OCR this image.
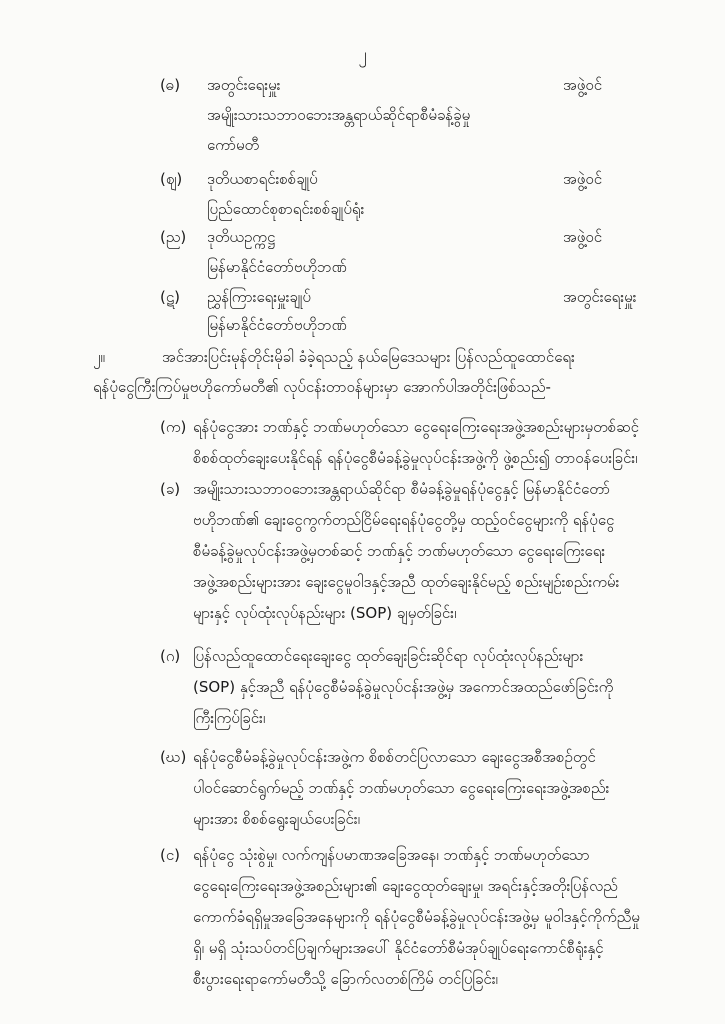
၂
(ဓ) အတွင်းရေးမှူး
အမျိုးသားသဘာဝဘေးအန္တရာယ်ဆိုင်ရာစီမံခန့်ခွဲမှု
ကော်မတီ
အဖွဲ့ဝင်
(ဈ) ဒုတိယစာရင်းစစ်ချုပ်
ပြည်ထောင်စုစာရင်းစစ်ချုပ်ရုံး
အဖွဲ့ဝင်
(ည) ဒုတိယဥက္ကဋ္ဌ
မြန်မာနိုင်ငံတော်ဗဟိုဘဏ်
အဖွဲ့ဝင်
(ဋ) ညွှန်ကြားရေးမှူးချုပ်
မြန်မာနိုင်ငံတော်ဗဟိုဘဏ်
အတွင်းရေးမှူး
၂။	အင်အားပြင်းမုန်တိုင်းမိုခါ ခံခဲ့ရသည့် နယ်မြေဒေသများ ပြန်လည်ထူထောင်ရေး
ရန်ပုံငွေကြီးကြပ်မှုဗဟိုကော်မတီ၏ လုပ်ငန်းတာဝန်များမှာ အောက်ပါအတိုင်းဖြစ်သည်-
(က) ရန်ပုံငွေအား ဘဏ်နှင့် ဘဏ်မဟုတ်သော ငွေရေးကြေးရေးအဖွဲ့အစည်းများမှတစ်ဆင့်
စိစစ်ထုတ်ချေးပေးနိုင်ရန် ရန်ပုံငွေစီမံခန့်ခွဲမှုလုပ်ငန်းအဖွဲ့ကို ဖွဲ့စည်း၍ တာဝန်ပေးခြင်း၊
(ခ) အမျိုးသားသဘာဝဘေးအန္တရာယ်ဆိုင်ရာ စီမံခန့်ခွဲမှုရန်ပုံငွေနှင့် မြန်မာနိုင်ငံတော်
ဗဟိုဘဏ်၏ ချေးငွေကွက်တည်ငြိမ်ရေးရန်ပုံငွေတို့မှ ထည့်ဝင်ငွေများကို ရန်ပုံငွေ
စီမံခန့်ခွဲမှုလုပ်ငန်းအဖွဲ့မှတစ်ဆင့် ဘဏ်နှင့် ဘဏ်မဟုတ်သော ငွေရေးကြေးရေး
အဖွဲ့အစည်းများအား ချေးငွေမူဝါဒနှင့်အညီ ထုတ်ချေးနိုင်မည့် စည်းမျဉ်းစည်းကမ်း
များနှင့် လုပ်ထုံးလုပ်နည်းများ (SOP) ချမှတ်ခြင်း၊
(ဂ) ပြန်လည်ထူထောင်ရေးချေးငွေ ထုတ်ချေးခြင်းဆိုင်ရာ လုပ်ထုံးလုပ်နည်းများ
(SOP) နှင့်အညီ ရန်ပုံငွေစီမံခန့်ခွဲမှုလုပ်ငန်းအဖွဲ့မှ အကောင်အထည်ဖော်ခြင်းကို
ကြီးကြပ်ခြင်း၊
(ဃ) ရန်ပုံငွေစီမံခန့်ခွဲမှုလုပ်ငန်းအဖွဲ့က စိစစ်တင်ပြလာသော ချေးငွေအစီအစဉ်တွင်
ပါဝင်ဆောင်ရွက်မည့် ဘဏ်နှင့် ဘဏ်မဟုတ်သော ငွေရေးကြေးရေးအဖွဲ့အစည်း
များအား စိစစ်ရွေးချယ်ပေးခြင်း၊
(င) ရန်ပုံငွေ သုံးစွဲမှု၊ လက်ကျန်ပမာဏအခြေအနေ၊ ဘဏ်နှင့် ဘဏ်မဟုတ်သော
ငွေရေးကြေးရေးအဖွဲ့အစည်းများ၏ ချေးငွေထုတ်ချေးမှု၊ အရင်းနှင့်အတိုးပြန်လည်
ကောက်ခံရရှိမှုအခြေအနေများကို ရန်ပုံငွေစီမံခန့်ခွဲမှုလုပ်ငန်းအဖွဲ့မှ မူဝါဒနှင့်ကိုက်ညီမှု
ရှိ၊ မရှိ သုံးသပ်တင်ပြချက်များအပေါ် နိုင်ငံတော်စီမံအုပ်ချုပ်ရေးကောင်စီရုံးနှင့်
စီးပွားရေးရာကော်မတီသို့ ခြောက်လတစ်ကြိမ် တင်ပြခြင်း၊
